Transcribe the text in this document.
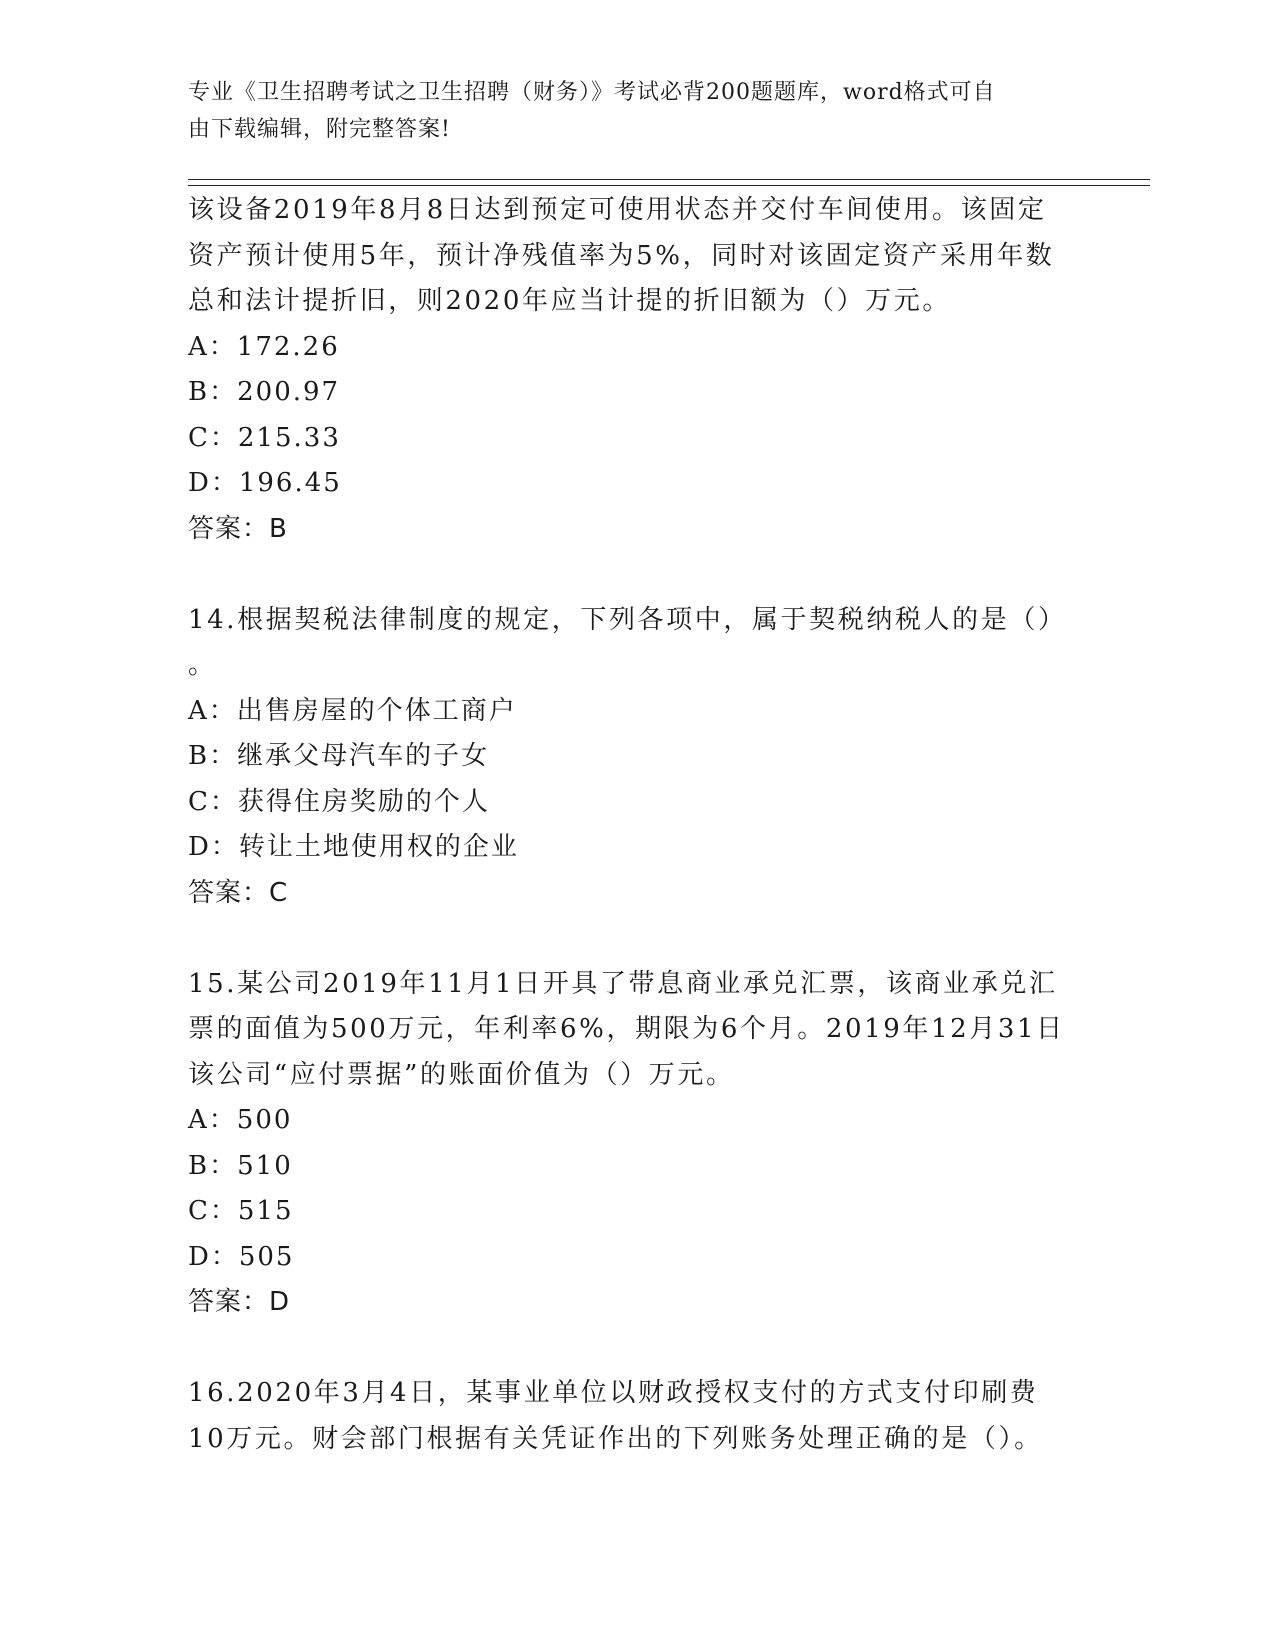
专业《卫生招聘考试之卫生招聘（财务）》考试必背200题题库，word格式可自
由下载编辑，附完整答案!
该设备2019年8月8日达到预定可使用状态并交付车间使用。该固定
资产预计使用5年，预计净残值率为5%，同时对该固定资产采用年数
总和法计提折旧，则2020年应当计提的折旧额为（）万元。
A：172.26
B：200.97
C：215.33
D：196.45
答案：B
14.根据契税法律制度的规定，下列各项中，属于契税纳税人的是（）
。
A：出售房屋的个体工商户
B：继承父母汽车的子女
C：获得住房奖励的个人
D：转让土地使用权的企业
答案：C
15.某公司2019年11月1日开具了带息商业承兑汇票，该商业承兑汇
票的面值为500万元，年利率6%，期限为6个月。2019年12月31日
该公司“应付票据”的账面价值为（）万元。
A：500
B：510
C：515
D：505
答案：D
16.2020年3月4日，某事业单位以财政授权支付的方式支付印刷费
10万元。财会部门根据有关凭证作出的下列账务处理正确的是（）。
